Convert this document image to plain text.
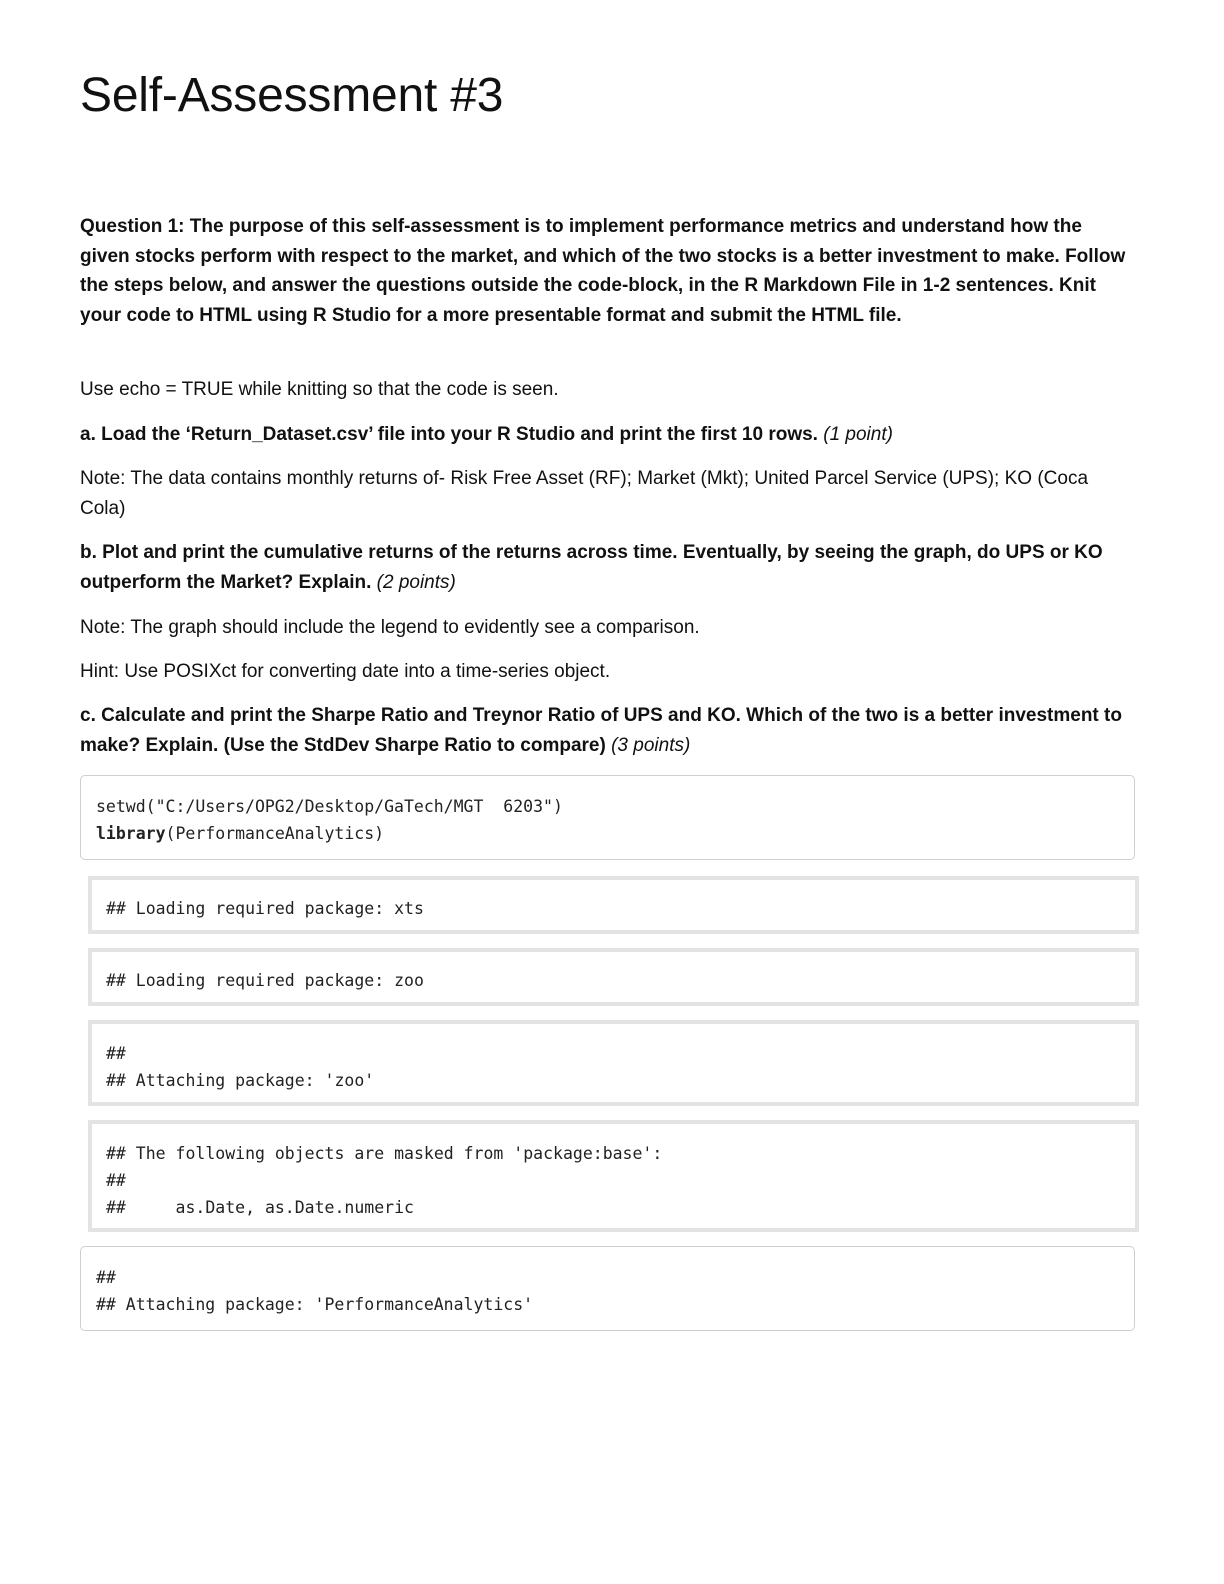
Self-Assessment #3

Question 1: The purpose of this self-assessment is to implement performance metrics and understand how the given stocks perform with respect to the market, and which of the two stocks is a better investment to make. Follow the steps below, and answer the questions outside the code-block, in the R Markdown File in 1-2 sentences. Knit your code to HTML using R Studio for a more presentable format and submit the HTML file.

Use echo = TRUE while knitting so that the code is seen.

a. Load the ‘Return_Dataset.csv’ file into your R Studio and print the first 10 rows. (1 point)

Note: The data contains monthly returns of- Risk Free Asset (RF); Market (Mkt); United Parcel Service (UPS); KO (Coca Cola)

b. Plot and print the cumulative returns of the returns across time. Eventually, by seeing the graph, do UPS or KO outperform the Market? Explain. (2 points)

Note: The graph should include the legend to evidently see a comparison.

Hint: Use POSIXct for converting date into a time-series object.

c. Calculate and print the Sharpe Ratio and Treynor Ratio of UPS and KO. Which of the two is a better investment to make? Explain. (Use the StdDev Sharpe Ratio to compare) (3 points)

setwd("C:/Users/OPG2/Desktop/GaTech/MGT  6203")
library(PerformanceAnalytics)
## Loading required package: xts
## Loading required package: zoo
##
## Attaching package: 'zoo'
## The following objects are masked from 'package:base':
##
##     as.Date, as.Date.numeric
##
## Attaching package: 'PerformanceAnalytics'
